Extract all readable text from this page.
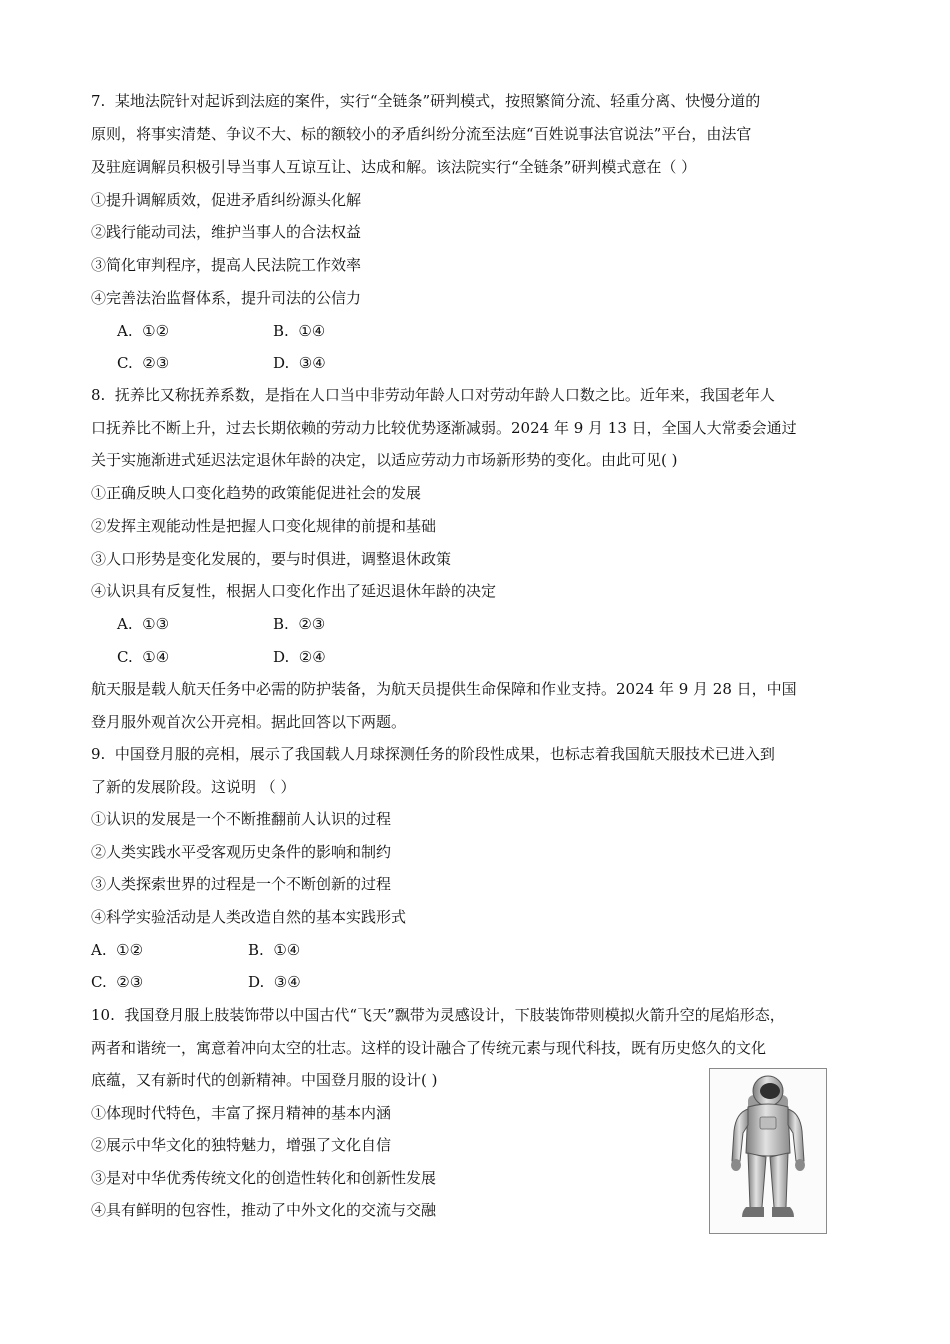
7.  某地法院针对起诉到法庭的案件，实行“全链条”研判模式，按照繁简分流、轻重分离、快慢分道的
原则，将事实清楚、争议不大、标的额较小的矛盾纠纷分流至法庭“百姓说事法官说法”平台，由法官
及驻庭调解员积极引导当事人互谅互让、达成和解。该法院实行“全链条”研判模式意在（ ）
①提升调解质效，促进矛盾纠纷源头化解
②践行能动司法，维护当事人的合法权益
③简化审判程序，提高人民法院工作效率
④完善法治监督体系，提升司法的公信力
A.  ①②	B.  ①④
C.  ②③	D.  ③④
8.  抚养比又称抚养系数，是指在人口当中非劳动年龄人口对劳动年龄人口数之比。近年来，我国老年人
口抚养比不断上升，过去长期依赖的劳动力比较优势逐渐减弱。2024 年 9 月 13 日，全国人大常委会通过
关于实施渐进式延迟法定退休年龄的决定，以适应劳动力市场新形势的变化。由此可见( )
①正确反映人口变化趋势的政策能促进社会的发展
②发挥主观能动性是把握人口变化规律的前提和基础
③人口形势是变化发展的，要与时俱进，调整退休政策
④认识具有反复性，根据人口变化作出了延迟退休年龄的决定
A.  ①③	B.  ②③
C.  ①④	D.  ②④
航天服是载人航天任务中必需的防护装备，为航天员提供生命保障和作业支持。2024 年 9 月 28 日，中国
登月服外观首次公开亮相。据此回答以下两题。
9.  中国登月服的亮相，展示了我国载人月球探测任务的阶段性成果，也标志着我国航天服技术已进入到
了新的发展阶段。这说明 （ ）
①认识的发展是一个不断推翻前人认识的过程
②人类实践水平受客观历史条件的影响和制约
③人类探索世界的过程是一个不断创新的过程
④科学实验活动是人类改造自然的基本实践形式
A.  ①②	B.  ①④
C.  ②③	D.  ③④
10.  我国登月服上肢装饰带以中国古代“飞天”飘带为灵感设计，下肢装饰带则模拟火箭升空的尾焰形态，
两者和谐统一，寓意着冲向太空的壮志。这样的设计融合了传统元素与现代科技，既有历史悠久的文化
底蕴，又有新时代的创新精神。中国登月服的设计( )
①体现时代特色，丰富了探月精神的基本内涵
②展示中华文化的独特魅力，增强了文化自信
③是对中华优秀传统文化的创造性转化和创新性发展
④具有鲜明的包容性，推动了中外文化的交流与交融
